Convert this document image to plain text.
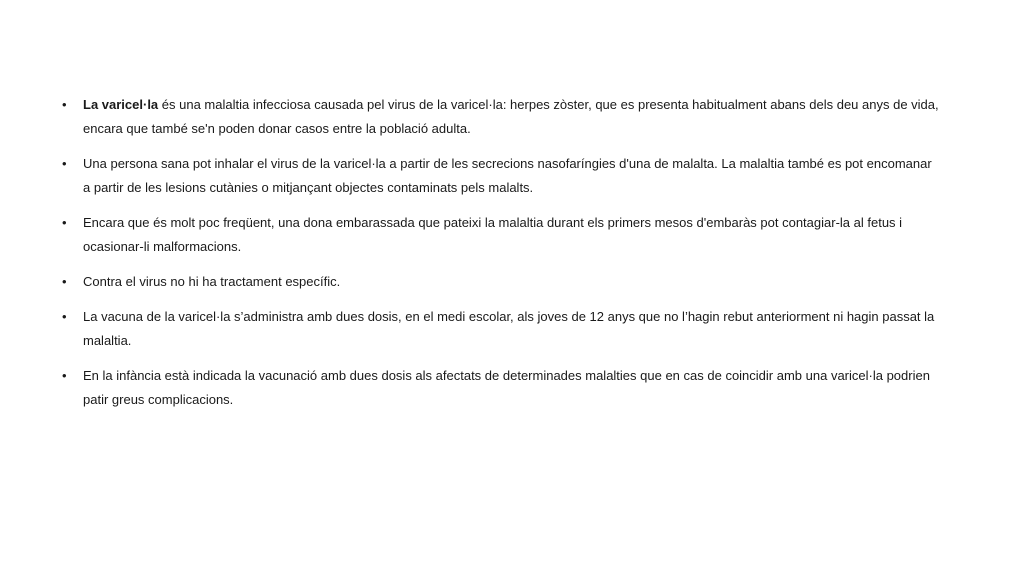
• La varicel·la és una malaltia infecciosa causada pel virus de la varicel·la: herpes zòster, que es presenta habitualment abans dels deu anys de vida, encara que també se'n poden donar casos entre la població adulta.
• Una persona sana pot inhalar el virus de la varicel·la a partir de les secrecions nasofaríngies d'una de malalta. La malaltia també es pot encomanar a partir de les lesions cutànies o mitjançant objectes contaminats pels malalts.
• Encara que és molt poc freqüent, una dona embarassada que pateixi la malaltia durant els primers mesos d'embaràs pot contagiar-la al fetus i ocasionar-li malformacions.
• Contra el virus no hi ha tractament específic.
• La vacuna de la varicel·la s’administra amb dues dosis, en el medi escolar, als joves de 12 anys que no l’hagin rebut anteriorment ni hagin passat la malaltia.
• En la infància està indicada la vacunació amb dues dosis als afectats de determinades malalties que en cas de coincidir amb una varicel·la podrien patir greus complicacions.
